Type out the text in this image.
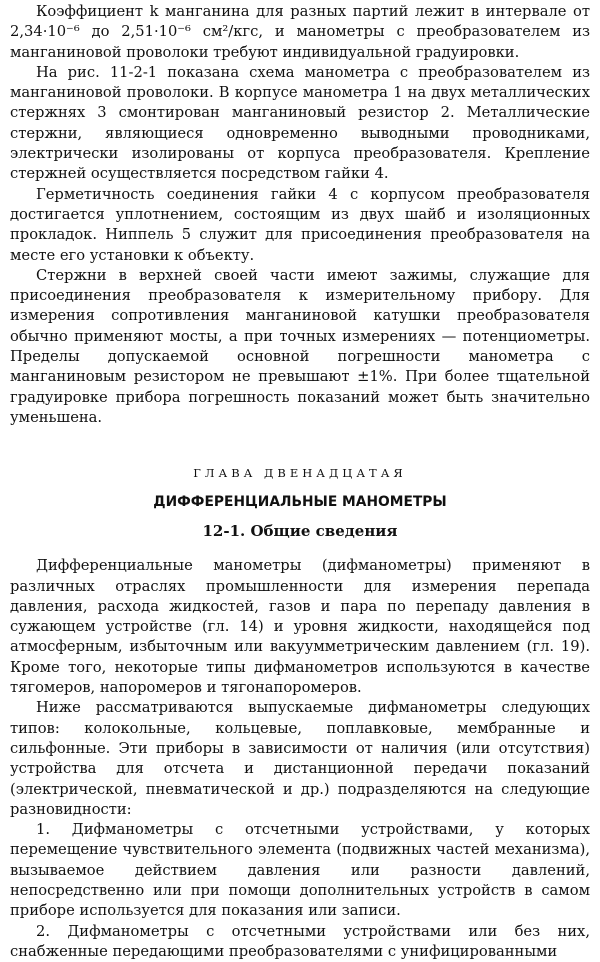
Коэффициент k манганина для разных партий лежит в интервале от 2,34·10⁻⁶ до 2,51·10⁻⁶ см²/кгс, и манометры с преобразователем из манганиновой проволоки требуют индивидуальной градуировки.

На рис. 11-2-1 показана схема манометра с преобразователем из манганиновой проволоки. В корпусе манометра 1 на двух металлических стержнях 3 смонтирован манганиновый резистор 2. Металлические стержни, являющиеся одновременно выводными проводниками, электрически изолированы от корпуса преобразователя. Крепление стержней осуществляется посредством гайки 4.

Герметичность соединения гайки 4 с корпусом преобразователя достигается уплотнением, состоящим из двух шайб и изоляционных прокладок. Ниппель 5 служит для присоединения преобразователя на месте его установки к объекту.

Стержни в верхней своей части имеют зажимы, служащие для присоединения преобразователя к измерительному прибору. Для измерения сопротивления манганиновой катушки преобразователя обычно применяют мосты, а при точных измерениях — потенциометры. Пределы допускаемой основной погрешности манометра с манганиновым резистором не превышают ±1%. При более тщательной градуировке прибора погрешность показаний может быть значительно уменьшена.

ГЛАВА ДВЕНАДЦАТАЯ
ДИФФЕРЕНЦИАЛЬНЫЕ МАНОМЕТРЫ
12-1. Общие сведения

Дифференциальные манометры (дифманометры) применяют в различных отраслях промышленности для измерения перепада давления, расхода жидкостей, газов и пара по перепаду давления в сужающем устройстве (гл. 14) и уровня жидкости, находящейся под атмосферным, избыточным или вакуумметрическим давлением (гл. 19). Кроме того, некоторые типы дифманометров используются в качестве тягомеров, напоромеров и тягонапоромеров.

Ниже рассматриваются выпускаемые дифманометры следующих типов: колокольные, кольцевые, поплавковые, мембранные и сильфонные. Эти приборы в зависимости от наличия (или отсутствия) устройства для отсчета и дистанционной передачи показаний (электрической, пневматической и др.) подразделяются на следующие разновидности:

1. Дифманометры с отсчетными устройствами, у которых перемещение чувствительного элемента (подвижных частей механизма), вызываемое действием давления или разности давлений, непосредственно или при помощи дополнительных устройств в самом приборе используется для показания или записи.

2. Дифманометры с отсчетными устройствами или без них, снабженные передающими преобразователями с унифицированными
